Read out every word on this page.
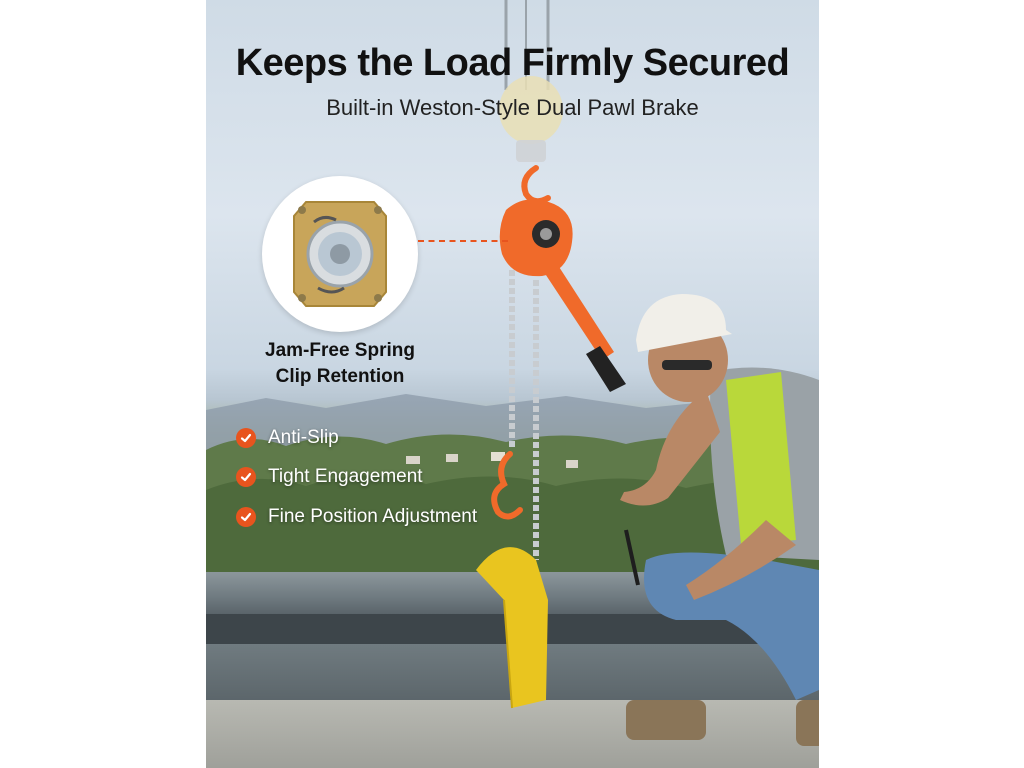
Keeps the Load Firmly Secured
Built-in Weston-Style Dual Pawl Brake
Jam-Free Spring
Clip Retention
Anti-Slip
Tight Engagement
Fine Position Adjustment
